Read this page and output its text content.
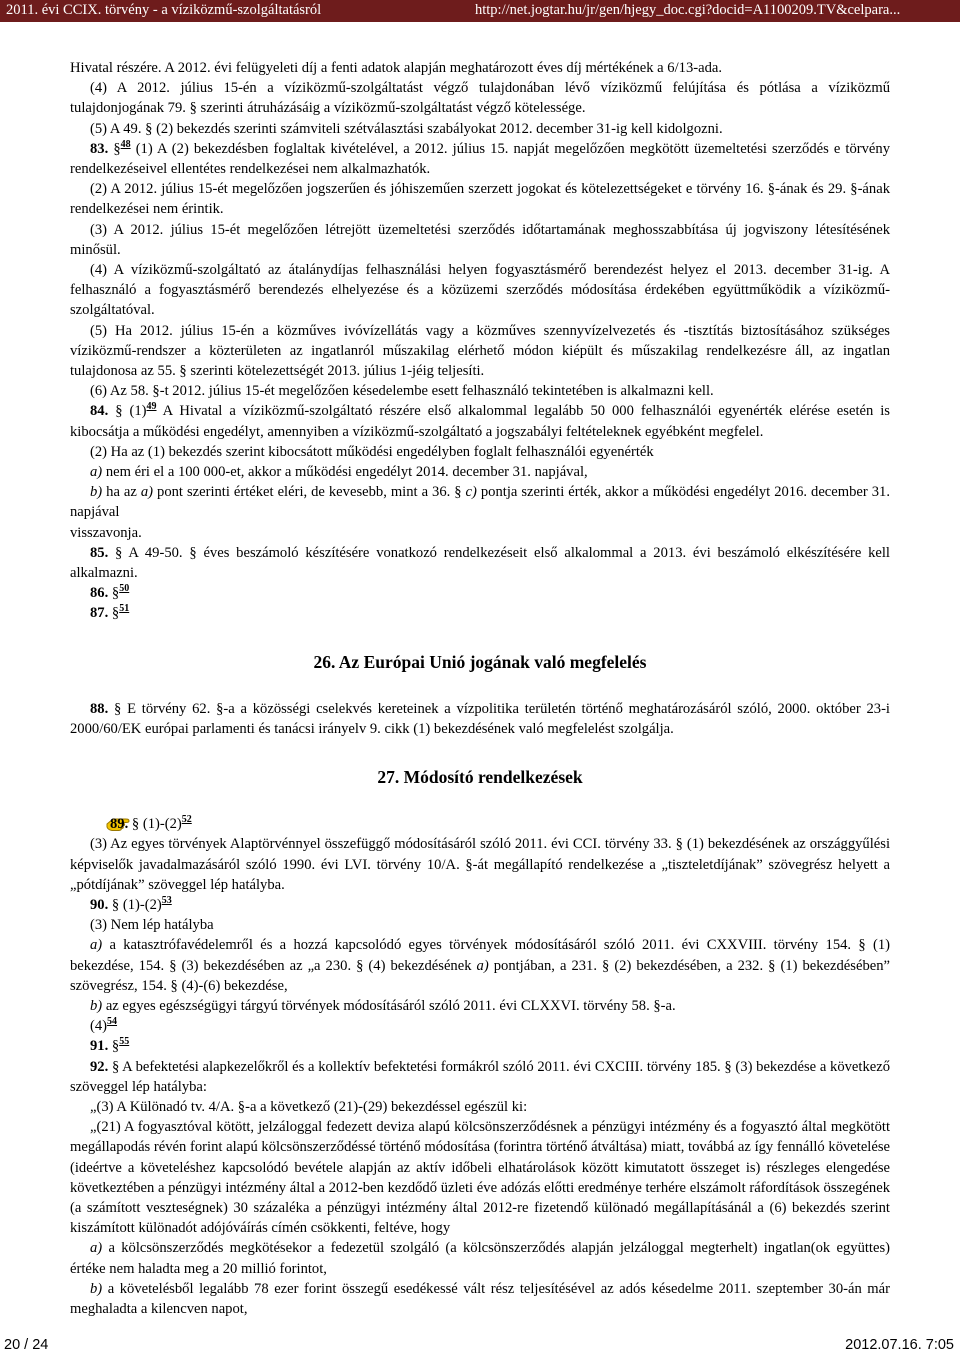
2011. évi CCIX. törvény - a víziközmű-szolgáltatásról	http://net.jogtar.hu/jr/gen/hjegy_doc.cgi?docid=A1100209.TV&celpara...

Hivatal részére. A 2012. évi felügyeleti díj a fenti adatok alapján meghatározott éves díj mértékének a 6/13-ada.

(4) A 2012. július 15-én a víziközmű-szolgáltatást végző tulajdonában lévő víziközmű felújítása és pótlása a víziközmű

tulajdonjogának 79. § szerinti átruházásáig a víziközmű-szolgáltatást végző kötelessége.

(5) A 49. § (2) bekezdés szerinti számviteli szétválasztási szabályokat 2012. december 31-ig kell kidolgozni.

83. §$^{48}$ (1) A (2) bekezdésben foglaltak kivételével, a 2012. július 15. napját megelőzően megkötött üzemeltetési szerződés e törvény rendelkezéseivel ellentétes rendelkezései nem alkalmazhatók.

(2) A 2012. július 15-ét megelőzően jogszerűen és jóhiszeműen szerzett jogokat és kötelezettségeket e törvény 16. §-ának és 29. §-ának rendelkezései nem érintik.

(3) A 2012. július 15-ét megelőzően létrejött üzemeltetési szerződés időtartamának meghosszabbítása új jogviszony létesítésének minősül.

(4) A víziközmű-szolgáltató az átalánydíjas felhasználási helyen fogyasztásmérő berendezést helyez el 2013. december 31-ig. A felhasználó a fogyasztásmérő berendezés elhelyezése és a közüzemi szerződés módosítása érdekében együttműködik a víziközmű-szolgáltatóval.

(5) Ha 2012. július 15-én a közműves ivóvízellátás vagy a közműves szennyvízelvezetés és -tisztítás biztosításához szükséges víziközmű-rendszer a közterületen az ingatlanról műszakilag elérhető módon kiépült és műszakilag rendelkezésre áll, az ingatlan tulajdonosa az 55. § szerinti kötelezettségét 2013. július 1-jéig teljesíti.

(6) Az 58. §-t 2012. július 15-ét megelőzően késedelembe esett felhasználó tekintetében is alkalmazni kell.

84. § $(1)^{49}$ A Hivatal a víziközmű-szolgáltató részére első alkalommal legalább 50 000 felhasználói egyenérték elérése esetén is kibocsátja a működési engedélyt, amennyiben a víziközmű-szolgáltató a jogszabályi feltételeknek egyébként megfelel.

(2) Ha az (1) bekezdés szerint kibocsátott működési engedélyben foglalt felhasználói egyenérték

a) nem éri el a 100 000-et, akkor a működési engedélyt 2014. december 31. napjával,

b) ha az a) pont szerinti értéket eléri, de kevesebb, mint a 36. § c) pontja szerinti érték, akkor a működési engedélyt 2016. december 31. napjával

visszavonja.

85. § A 49-50. § éves beszámoló készítésére vonatkozó rendelkezéseit első alkalommal a 2013. évi beszámoló elkészítésére kell alkalmazni.

86. §$^{50}$

87. §$^{51}$

26. Az Európai Unió jogának való megfelelés

88. § E törvény 62. §-a a közösségi cselekvés kereteinek a vízpolitika területén történő meghatározásáról szóló, 2000. október 23-i 2000/60/EK európai parlamenti és tanácsi irányelv 9. cikk (1) bekezdésének való megfelelést szolgálja.

27. Módosító rendelkezések

89. § $(1)-(2)^{52}$

(3) Az egyes törvények Alaptörvénnyel összefüggő módosításáról szóló 2011. évi CCI. törvény 33. § (1) bekezdésének az országgyűlési képviselők javadalmazásáról szóló 1990. évi LVI. törvény 10/A. §-át megállapító rendelkezése a „tiszteletdíjának” szövegrész helyett a „pótdíjának” szöveggel lép hatályba.

90. § $(1)-(2)^{53}$

(3) Nem lép hatályba

a) a katasztrófavédelemről és a hozzá kapcsolódó egyes törvények módosításáról szóló 2011. évi CXXVIII. törvény 154. § (1) bekezdése, 154. § (3) bekezdésében az „a 230. § (4) bekezdésének a) pontjában, a 231. § (2) bekezdésében, a 232. § (1) bekezdésében” szövegrész, 154. § (4)-(6) bekezdése,

b) az egyes egészségügyi tárgyú törvények módosításáról szóló 2011. évi CLXXVI. törvény 58. §-a.

$(4)^{54}$

91. §$^{55}$

92. § A befektetési alapkezelőkről és a kollektív befektetési formákról szóló 2011. évi CXCIII. törvény 185. § (3) bekezdése a következő szöveggel lép hatályba:

„(3) A Különadó tv. 4/A. §-a a következő (21)-(29) bekezdéssel egészül ki:

„(21) A fogyasztóval kötött, jelzáloggal fedezett deviza alapú kölcsönszerződésnek a pénzügyi intézmény és a fogyasztó által megkötött megállapodás révén forint alapú kölcsönszerződéssé történő módosítása (forintra történő átváltása) miatt, továbbá az így fennálló követelése (ideértve a követeléshez kapcsolódó bevétele alapján az aktív időbeli elhatárolások között kimutatott összeget is) részleges elengedése következtében a pénzügyi intézmény által a 2012-ben kezdődő üzleti éve adózás előtti eredménye terhére elszámolt ráfordítások összegének (a számított veszteségnek) 30 százaléka a pénzügyi intézmény által 2012-re fizetendő különadó megállapításánál a (6) bekezdés szerint kiszámított különadót adójóváírás címén csökkenti, feltéve, hogy

a) a kölcsönszerződés megkötésekor a fedezetül szolgáló (a kölcsönszerződés alapján jelzáloggal megterhelt) ingatlan(ok együttes) értéke nem haladta meg a 20 millió forintot,

b) a követelésből legalább 78 ezer forint összegű esedékessé vált rész teljesítésével az adós késedelme 2011. szeptember 30-án már meghaladta a kilencven napot,

20 / 24	2012.07.16. 7:05
